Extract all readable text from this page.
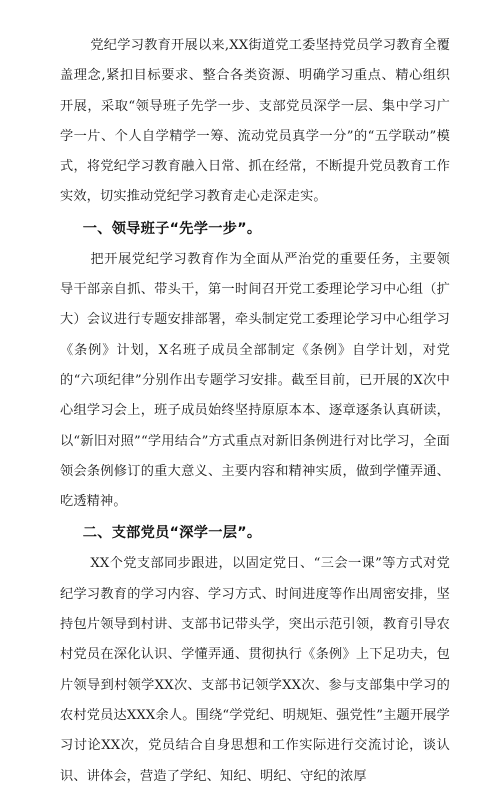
党纪学习教育开展以来,XX街道党工委坚持党员学习教育全覆盖理念,紧扣目标要求、整合各类资源、明确学习重点、精心组织开展，采取“领导班子先学一步、支部党员深学一层、集中学习广学一片、个人自学精学一筹、流动党员真学一分”的“五学联动”模式，将党纪学习教育融入日常、抓在经常，不断提升党员教育工作实效，切实推动党纪学习教育走心走深走实。

一、领导班子“先学一步”。

把开展党纪学习教育作为全面从严治党的重要任务，主要领导干部亲自抓、带头干，第一时间召开党工委理论学习中心组（扩大）会议进行专题安排部署，牵头制定党工委理论学习中心组学习《条例》计划，X名班子成员全部制定《条例》自学计划，对党的“六项纪律”分别作出专题学习安排。截至目前，已开展的X次中心组学习会上，班子成员始终坚持原原本本、逐章逐条认真研读，以“新旧对照”“学用结合”方式重点对新旧条例进行对比学习，全面领会条例修订的重大意义、主要内容和精神实质，做到学懂弄通、吃透精神。

二、支部党员“深学一层”。

XX个党支部同步跟进，以固定党日、“三会一课”等方式对党纪学习教育的学习内容、学习方式、时间进度等作出周密安排，坚持包片领导到村讲、支部书记带头学，突出示范引领，教育引导农村党员在深化认识、学懂弄通、贯彻执行《条例》上下足功夫，包片领导到村领学XX次、支部书记领学XX次、参与支部集中学习的农村党员达XXX余人。围绕“学党纪、明规矩、强党性”主题开展学习讨论XX次，党员结合自身思想和工作实际进行交流讨论，谈认识、讲体会，营造了学纪、知纪、明纪、守纪的浓厚
